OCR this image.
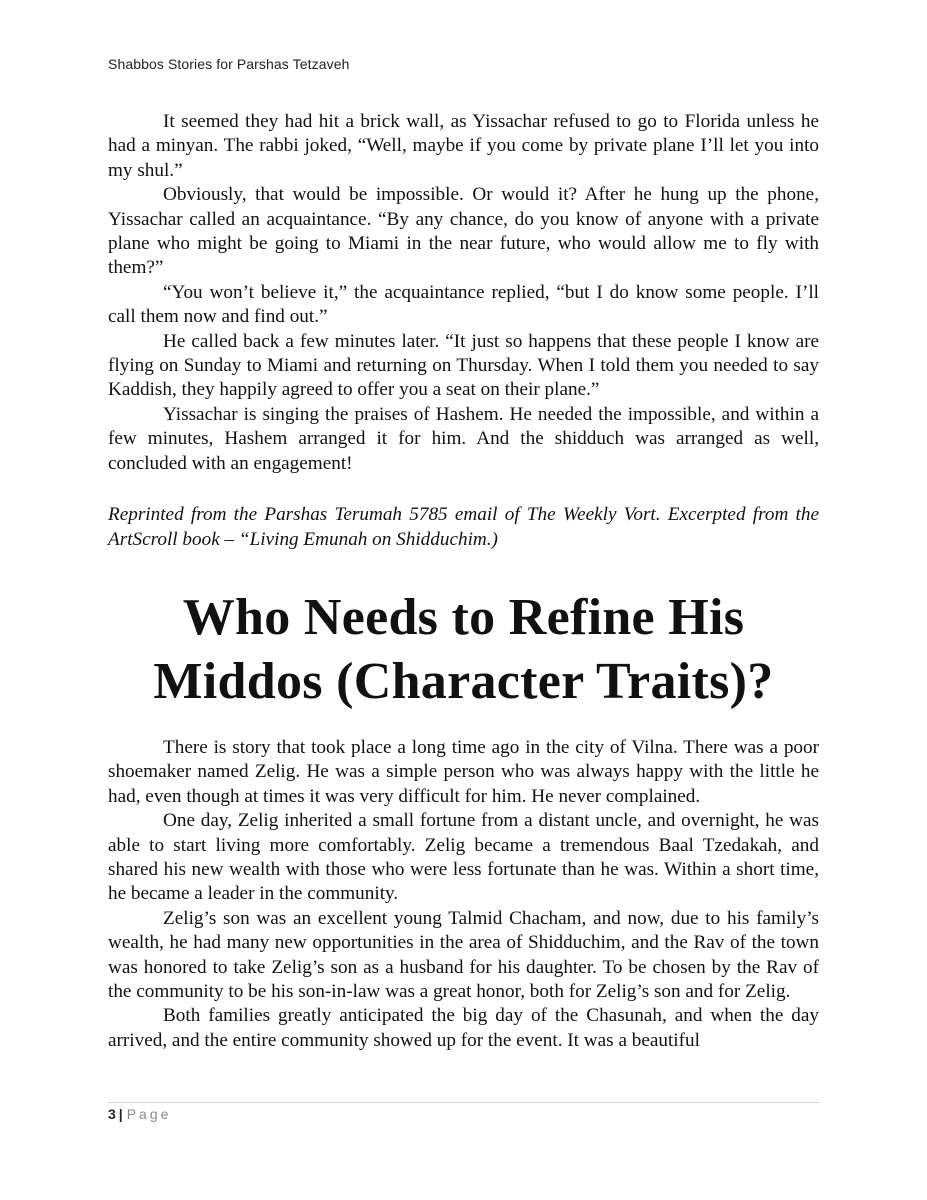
Shabbos Stories for Parshas Tetzaveh

It seemed they had hit a brick wall, as Yissachar refused to go to Florida unless he had a minyan. The rabbi joked, “Well, maybe if you come by private plane I’ll let you into my shul.”

Obviously, that would be impossible. Or would it? After he hung up the phone, Yissachar called an acquaintance. “By any chance, do you know of anyone with a private plane who might be going to Miami in the near future, who would allow me to fly with them?”

“You won’t believe it,” the acquaintance replied, “but I do know some people. I’ll call them now and find out.”

He called back a few minutes later. “It just so happens that these people I know are flying on Sunday to Miami and returning on Thursday. When I told them you needed to say Kaddish, they happily agreed to offer you a seat on their plane.”

Yissachar is singing the praises of Hashem. He needed the impossible, and within a few minutes, Hashem arranged it for him. And the shidduch was arranged as well, concluded with an engagement!

Reprinted from the Parshas Terumah 5785 email of The Weekly Vort. Excerpted from the ArtScroll book – “Living Emunah on Shidduchim.)

Who Needs to Refine His
Middos (Character Traits)?

There is story that took place a long time ago in the city of Vilna. There was a poor shoemaker named Zelig. He was a simple person who was always happy with the little he had, even though at times it was very difficult for him. He never complained.

One day, Zelig inherited a small fortune from a distant uncle, and overnight, he was able to start living more comfortably. Zelig became a tremendous Baal Tzedakah, and shared his new wealth with those who were less fortunate than he was. Within a short time, he became a leader in the community.

Zelig’s son was an excellent young Talmid Chacham, and now, due to his family’s wealth, he had many new opportunities in the area of Shidduchim, and the Rav of the town was honored to take Zelig’s son as a husband for his daughter. To be chosen by the Rav of the community to be his son-in-law was a great honor, both for Zelig’s son and for Zelig.

Both families greatly anticipated the big day of the Chasunah, and when the day arrived, and the entire community showed up for the event. It was a beautiful

3 | Page
